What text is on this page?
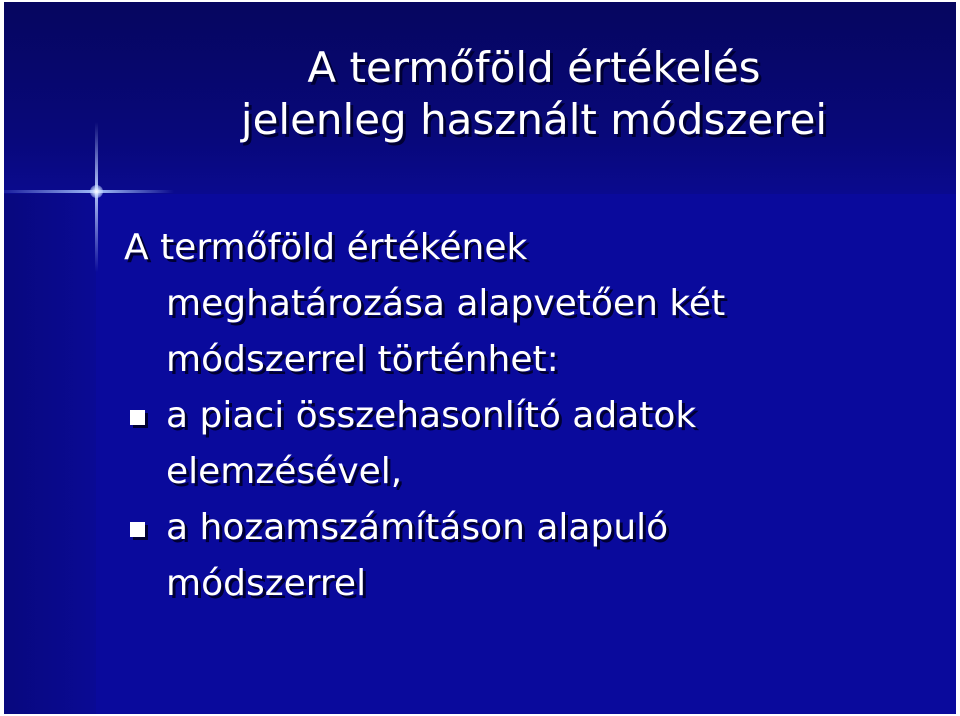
A termőföld értékelés
jelenleg használt módszerei
A termőföld értékének
meghatározása alapvetően két
módszerrel történhet:
a piaci összehasonlító adatok
elemzésével,
a hozamszámításon alapuló
módszerrel
